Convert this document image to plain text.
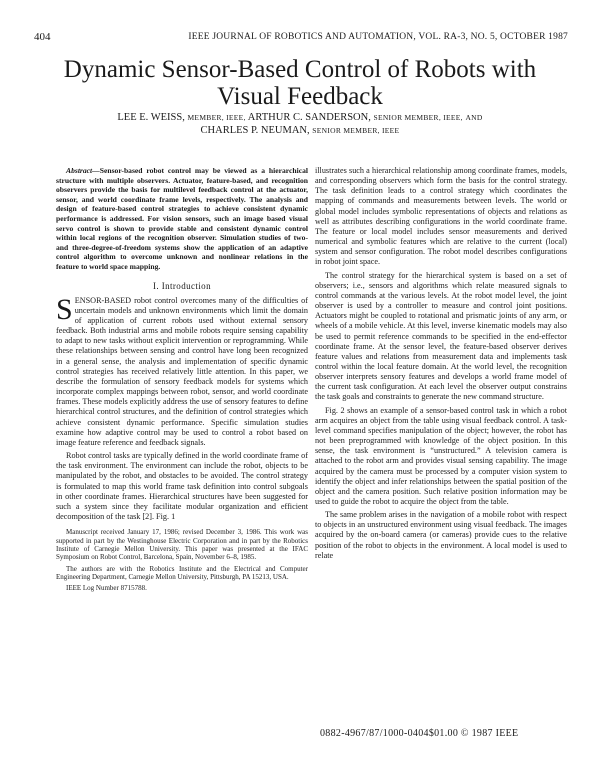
404	IEEE JOURNAL OF ROBOTICS AND AUTOMATION, VOL. RA-3, NO. 5, OCTOBER 1987
Dynamic Sensor-Based Control of Robots with
Visual Feedback
LEE E. WEISS, MEMBER, IEEE, ARTHUR C. SANDERSON, SENIOR MEMBER, IEEE, AND
CHARLES P. NEUMAN, SENIOR MEMBER, IEEE

Abstract—Sensor-based robot control may be viewed as a hierarchical structure with multiple observers. Actuator, feature-based, and recognition observers provide the basis for multilevel feedback control at the actuator, sensor, and world coordinate frame levels, respectively. The analysis and design of feature-based control strategies to achieve consistent dynamic performance is addressed. For vision sensors, such an image based visual servo control is shown to provide stable and consistent dynamic control within local regions of the recognition observer. Simulation studies of two- and three-degree-of-freedom systems show the application of an adaptive control algorithm to overcome unknown and nonlinear relations in the feature to world space mapping.

I. Introduction

SENSOR-BASED robot control overcomes many of the difficulties of uncertain models and unknown environments which limit the domain of application of current robots used without external sensory feedback. Both industrial arms and mobile robots require sensing capability to adapt to new tasks without explicit intervention or reprogramming. While these relationships between sensing and control have long been recognized in a general sense, the analysis and implementation of specific dynamic control strategies has received relatively little attention. In this paper, we describe the formulation of sensory feedback models for systems which incorporate complex mappings between robot, sensor, and world coordinate frames. These models explicitly address the use of sensory features to define hierarchical control structures, and the definition of control strategies which achieve consistent dynamic performance. Specific simulation studies examine how adaptive control may be used to control a robot based on image feature reference and feedback signals.

Robot control tasks are typically defined in the world coordinate frame of the task environment. The environment can include the robot, objects to be manipulated by the robot, and obstacles to be avoided. The control strategy is formulated to map this world frame task definition into control subgoals in other coordinate frames. Hierarchical structures have been suggested for such a system since they facilitate modular organization and efficient decomposition of the task [2]. Fig. 1

Manuscript received January 17, 1986; revised December 3, 1986. This work was supported in part by the Westinghouse Electric Corporation and in part by the Robotics Institute of Carnegie Mellon University. This paper was presented at the IFAC Symposium on Robot Control, Barcelona, Spain, November 6–8, 1985.

The authors are with the Robotics Institute and the Electrical and Computer Engineering Department, Carnegie Mellon University, Pittsburgh, PA 15213, USA.

IEEE Log Number 8715788.

illustrates such a hierarchical relationship among coordinate frames, models, and corresponding observers which form the basis for the control strategy. The task definition leads to a control strategy which coordinates the mapping of commands and measurements between levels. The world or global model includes symbolic representations of objects and relations as well as attributes describing configurations in the world coordinate frame. The feature or local model includes sensor measurements and derived numerical and symbolic features which are relative to the current (local) system and sensor configuration. The robot model describes configurations in robot joint space.

The control strategy for the hierarchical system is based on a set of observers; i.e., sensors and algorithms which relate measured signals to control commands at the various levels. At the robot model level, the joint observer is used by a controller to measure and control joint positions. Actuators might be coupled to rotational and prismatic joints of any arm, or wheels of a mobile vehicle. At this level, inverse kinematic models may also be used to permit reference commands to be specified in the end-effector coordinate frame. At the sensor level, the feature-based observer derives feature values and relations from measurement data and implements task control within the local feature domain. At the world level, the recognition observer interprets sensory features and develops a world frame model of the current task configuration. At each level the observer output constrains the task goals and constraints to generate the new command structure.

Fig. 2 shows an example of a sensor-based control task in which a robot arm acquires an object from the table using visual feedback control. A task-level command specifies manipulation of the object; however, the robot has not been preprogrammed with knowledge of the object position. In this sense, the task environment is “unstructured.” A television camera is attached to the robot arm and provides visual sensing capability. The image acquired by the camera must be processed by a computer vision system to identify the object and infer relationships between the spatial position of the object and the camera position. Such relative position information may be used to guide the robot to acquire the object from the table.

The same problem arises in the navigation of a mobile robot with respect to objects in an unstructured environment using visual feedback. The images acquired by the on-board camera (or cameras) provide cues to the relative position of the robot to objects in the environment. A local model is used to relate

0882-4967/87/1000-0404$01.00 © 1987 IEEE
